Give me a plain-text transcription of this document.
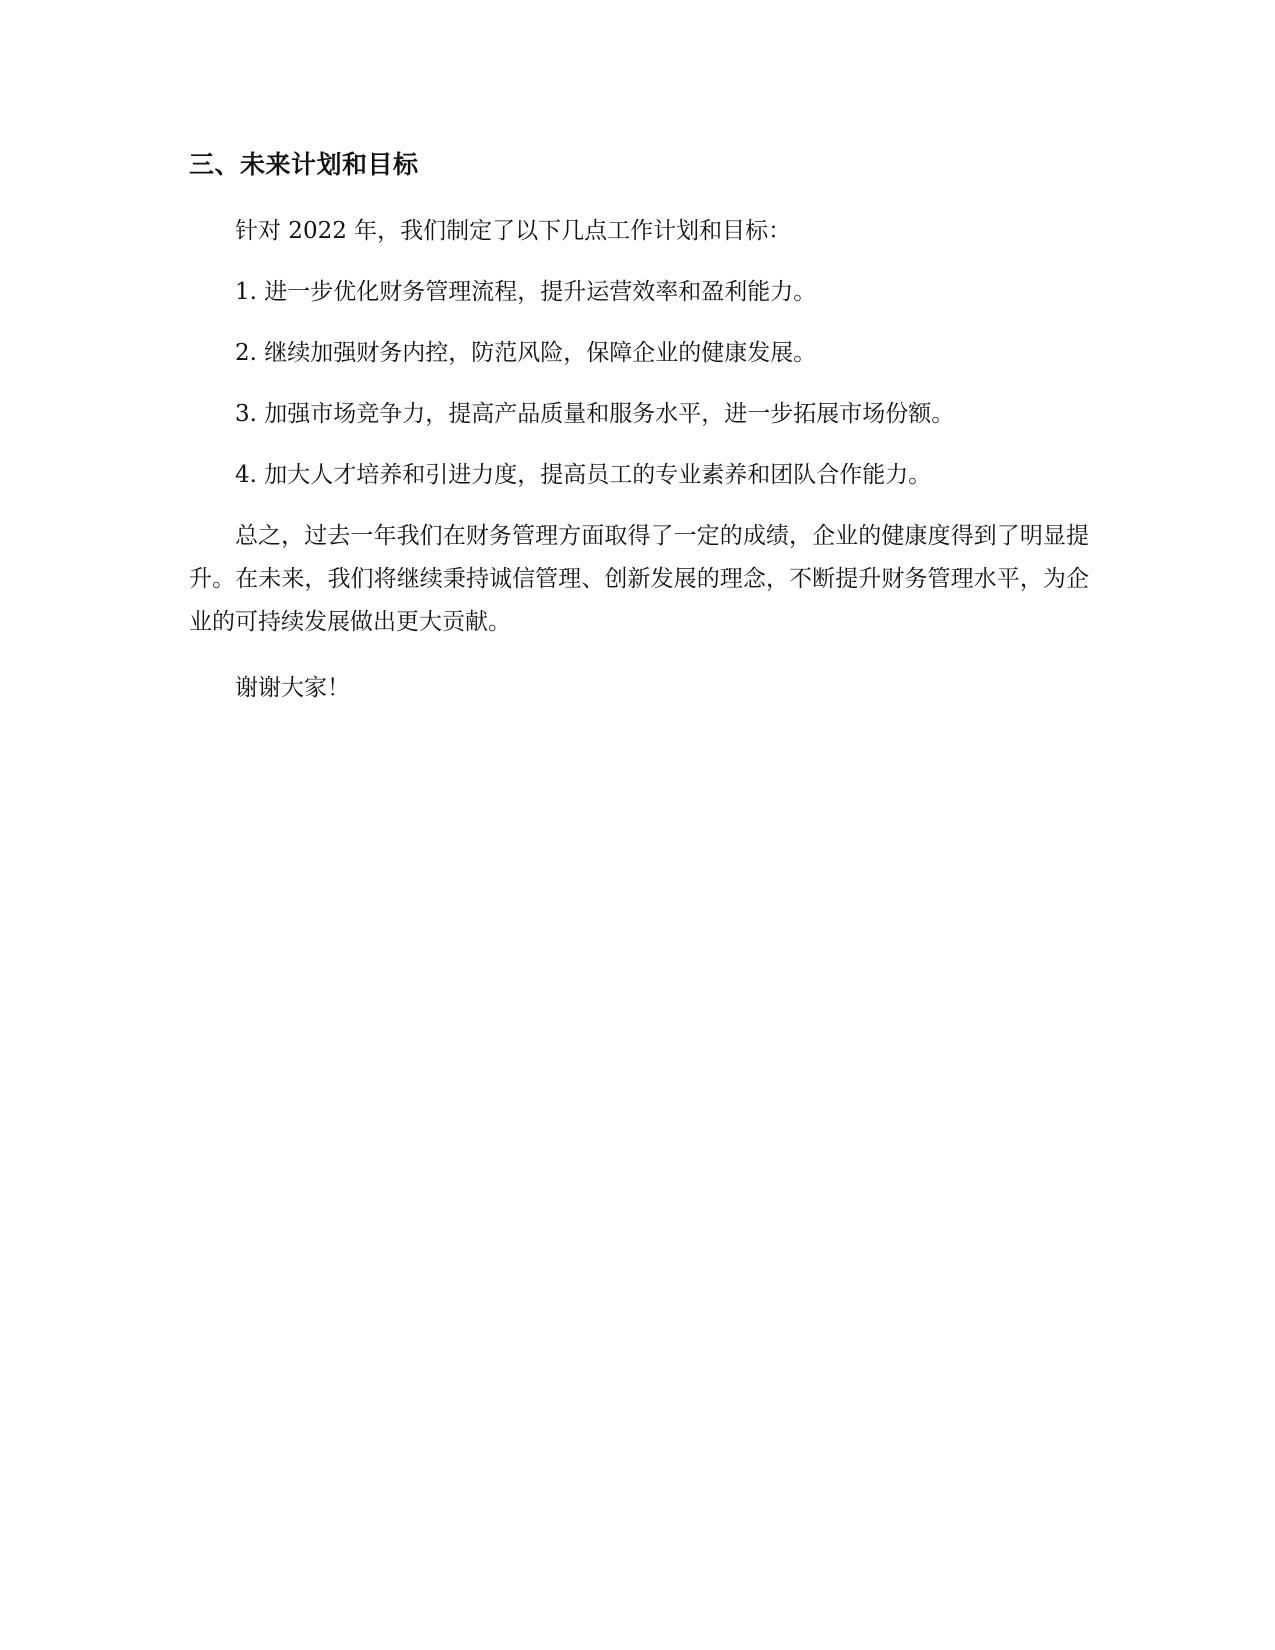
三、未来计划和目标

针对 2022 年，我们制定了以下几点工作计划和目标：

1. 进一步优化财务管理流程，提升运营效率和盈利能力。

2. 继续加强财务内控，防范风险，保障企业的健康发展。

3. 加强市场竞争力，提高产品质量和服务水平，进一步拓展市场份额。

4. 加大人才培养和引进力度，提高员工的专业素养和团队合作能力。

总之，过去一年我们在财务管理方面取得了一定的成绩，企业的健康度得到了明显提升。在未来，我们将继续秉持诚信管理、创新发展的理念，不断提升财务管理水平，为企业的可持续发展做出更大贡献。

谢谢大家！
